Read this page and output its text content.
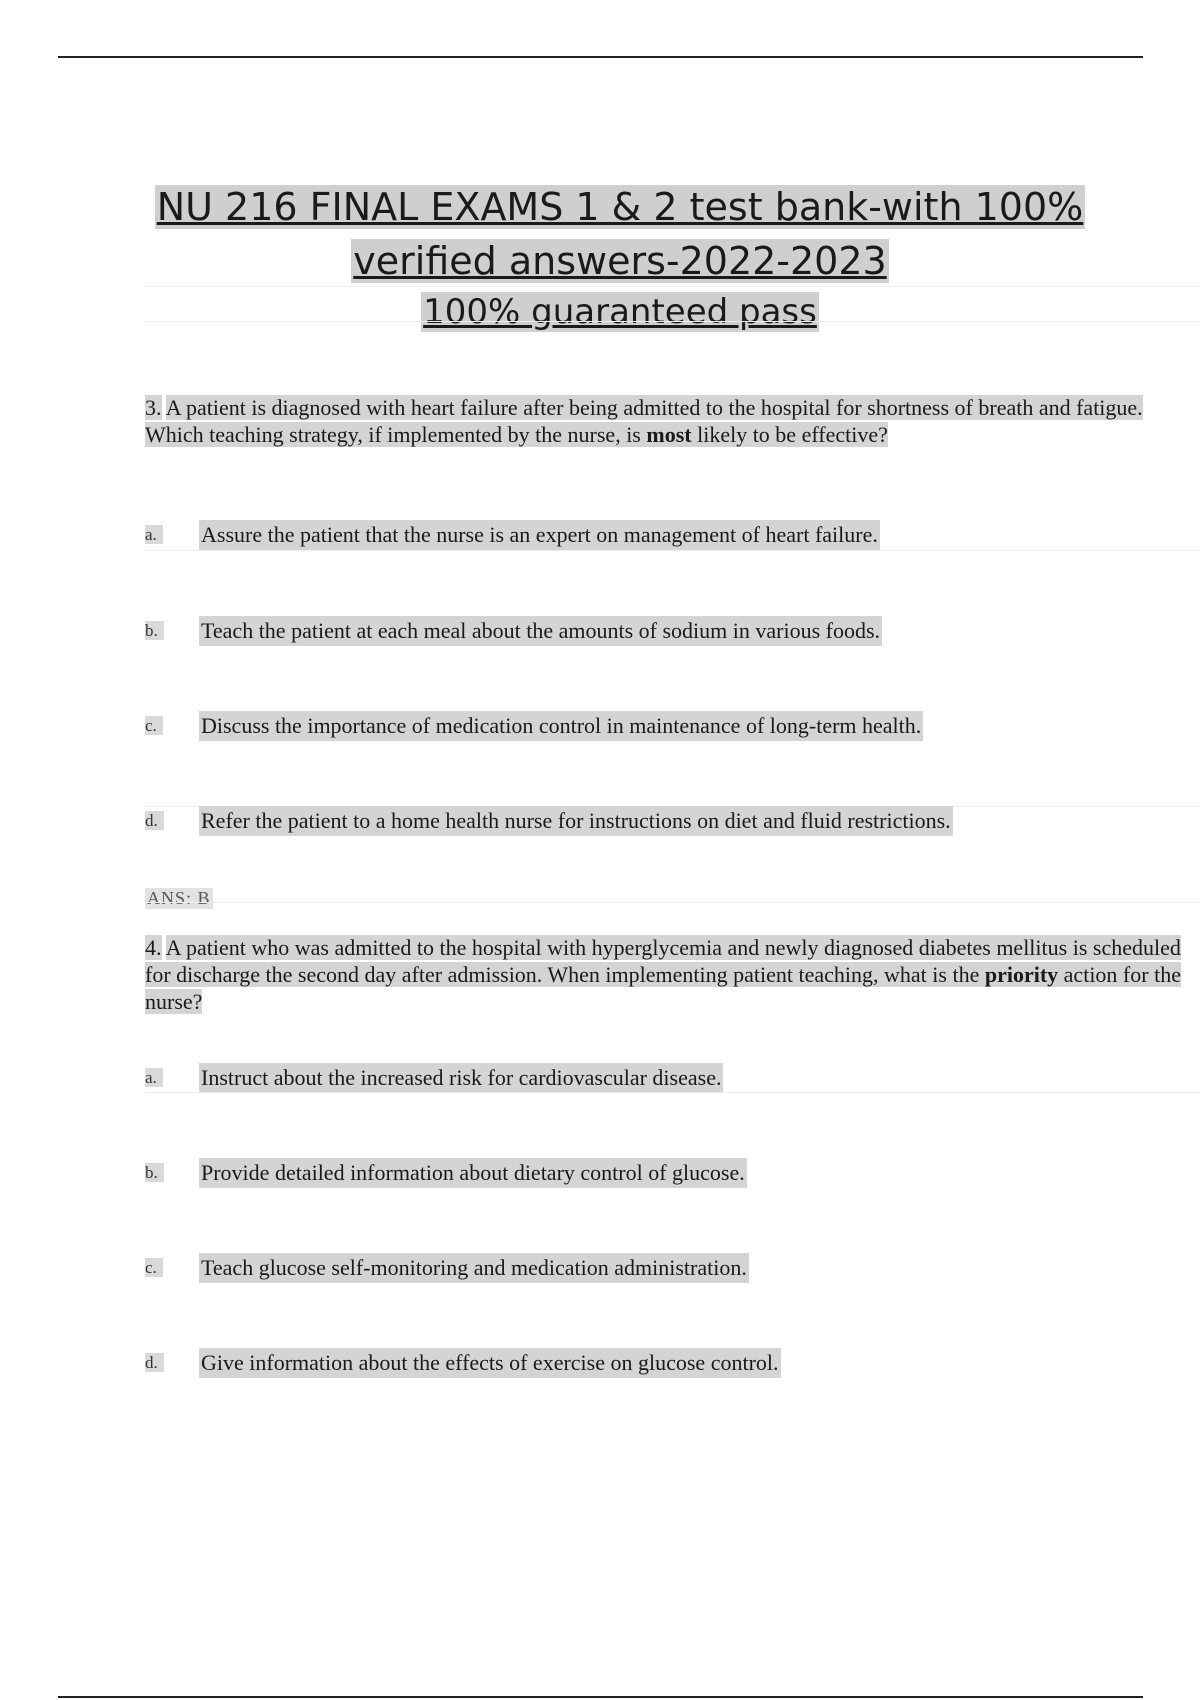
NU 216 FINAL EXAMS 1 & 2 test bank-with 100%
verified answers-2022-2023
100% guaranteed pass
3. A patient is diagnosed with heart failure after being admitted to the hospital for shortness of breath and fatigue. Which teaching strategy, if implemented by the nurse, is most likely to be effective?
a.	Assure the patient that the nurse is an expert on management of heart failure.
b.	Teach the patient at each meal about the amounts of sodium in various foods.
c.	Discuss the importance of medication control in maintenance of long-term health.
d.	Refer the patient to a home health nurse for instructions on diet and fluid restrictions.
ANS: B
4. A patient who was admitted to the hospital with hyperglycemia and newly diagnosed diabetes mellitus is scheduled for discharge the second day after admission. When implementing patient teaching, what is the priority action for the nurse?
a.	Instruct about the increased risk for cardiovascular disease.
b.	Provide detailed information about dietary control of glucose.
c.	Teach glucose self-monitoring and medication administration.
d.	Give information about the effects of exercise on glucose control.
